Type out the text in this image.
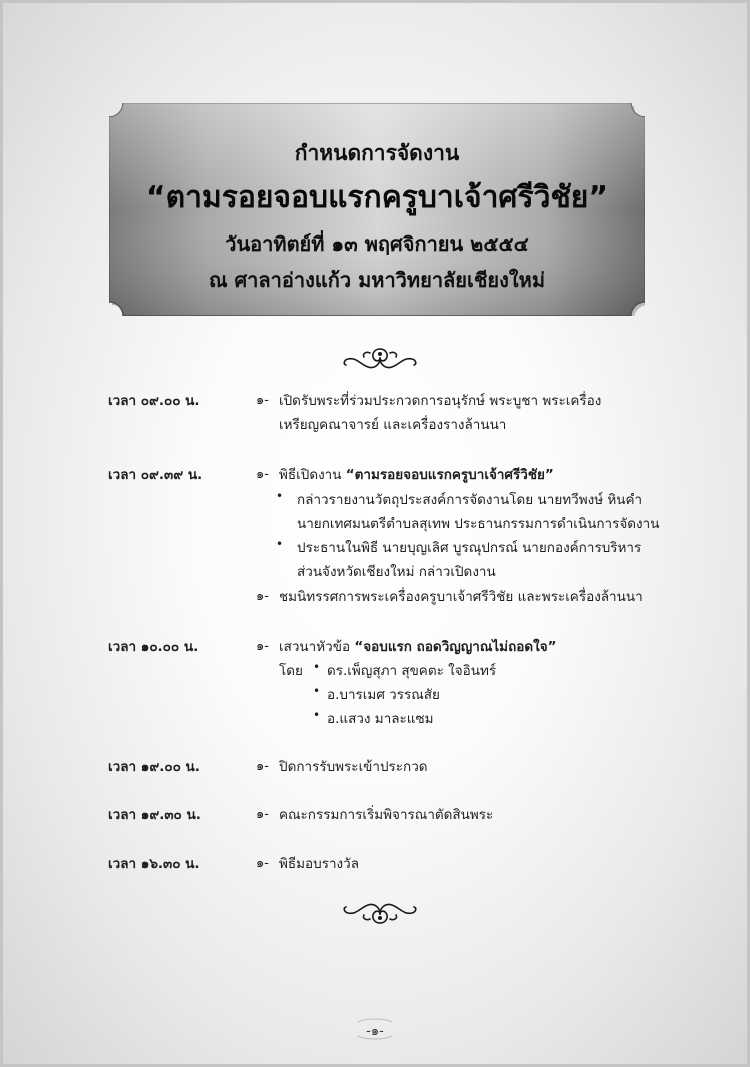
กำหนดการจัดงาน
“ตามรอยจอบแรกครูบาเจ้าศรีวิชัย”
วันอาทิตย์ที่ ๑๓ พฤศจิกายน ๒๕๕๔
ณ ศาลาอ่างแก้ว มหาวิทยาลัยเชียงใหม่
เวลา ๐๙.๐๐ น.	๑- เปิดรับพระที่ร่วมประกวดการอนุรักษ์ พระบูชา พระเครื่อง
เหรียญคณาจารย์ และเครื่องรางล้านนา
เวลา ๐๙.๓๙ น.	๑- พิธีเปิดงาน “ตามรอยจอบแรกครูบาเจ้าศรีวิชัย”
• กล่าวรายงานวัตถุประสงค์การจัดงานโดย นายทวีพงษ์ หินคำ
นายกเทศมนตรีตำบลสุเทพ ประธานกรรมการดำเนินการจัดงาน
• ประธานในพิธี นายบุญเลิศ บูรณุปกรณ์ นายกองค์การบริหาร
ส่วนจังหวัดเชียงใหม่ กล่าวเปิดงาน
๑- ชมนิทรรศการพระเครื่องครูบาเจ้าศรีวิชัย และพระเครื่องล้านนา
เวลา ๑๐.๐๐ น.	๑- เสวนาหัวข้อ “จอบแรก ถอดวิญญาณไม่ถอดใจ”
โดย • ดร.เพ็ญสุภา สุขคตะ ใจอินทร์
• อ.บารเมศ วรรณสัย
• อ.แสวง มาละแซม
เวลา ๑๙.๐๐ น.	๑- ปิดการรับพระเข้าประกวด
เวลา ๑๙.๓๐ น.	๑- คณะกรรมการเริ่มพิจารณาตัดสินพระ
เวลา ๑๖.๓๐ น.	๑- พิธีมอบรางวัล
-๑-
